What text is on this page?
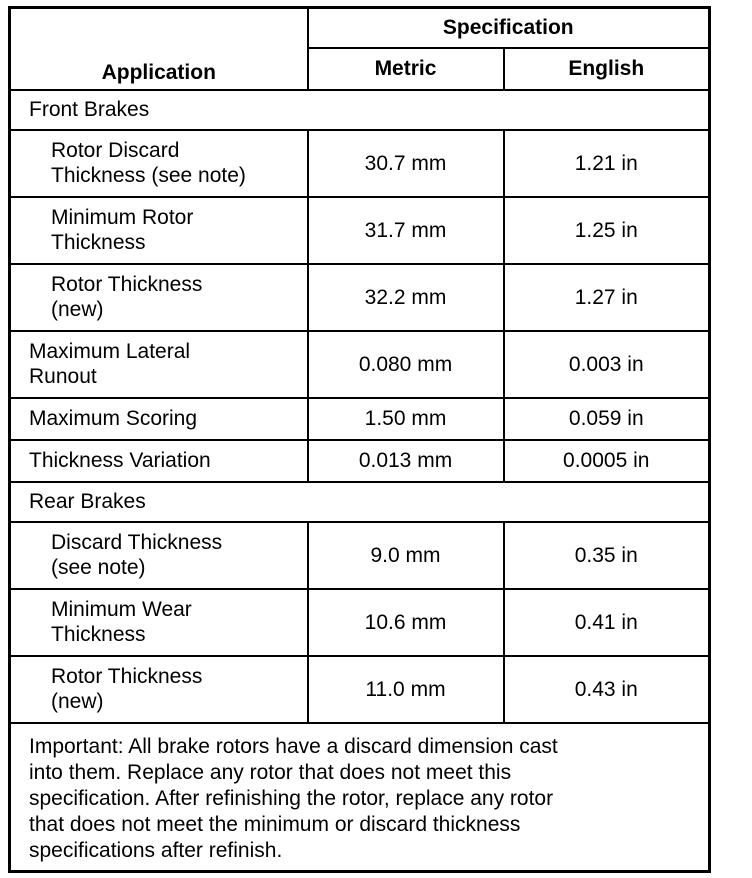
Application	Specification	
	Metric	English
Front Brakes		

Rotor Discard
Thickness (see note)	30.7 mm	1.21 in

Minimum Rotor
Thickness	31.7 mm	1.25 in

Rotor Thickness
(new)	32.2 mm	1.27 in

Maximum Lateral
Runout	0.080 mm	0.003 in

Maximum Scoring	1.50 mm	0.059 in

Thickness Variation	0.013 mm	0.0005 in
Rear Brakes		

Discard Thickness
(see note)	9.0 mm	0.35 in

Minimum Wear
Thickness	10.6 mm	0.41 in

Rotor Thickness
(new)	11.0 mm	0.43 in

Important: All brake rotors have a discard dimension cast
into them. Replace any rotor that does not meet this
specification. After refinishing the rotor, replace any rotor
that does not meet the minimum or discard thickness
specifications after refinish.		
